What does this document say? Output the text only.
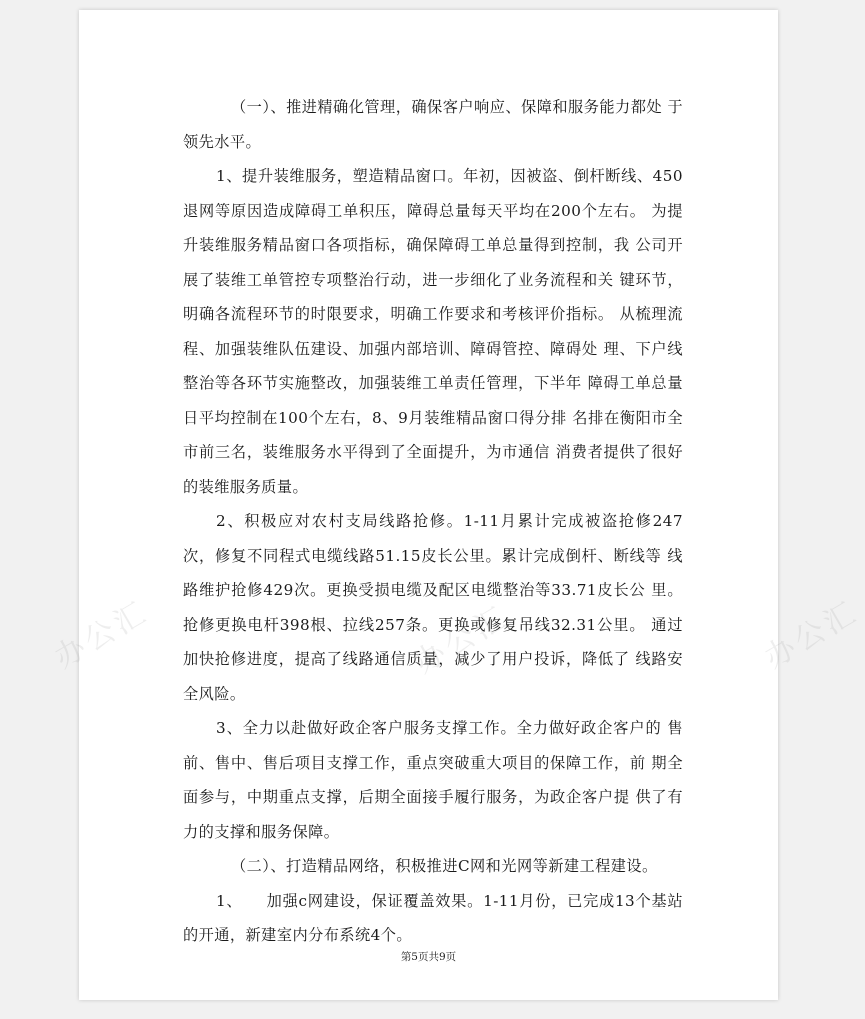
办公汇	办公汇	办公汇

（一）、推进精确化管理，确保客户响应、保障和服务能力都处 于领先水平。

1、提升装维服务，塑造精品窗口。年初，因被盗、倒杆断线、450退网等原因造成障碍工单积压，障碍总量每天平均在200个左右。 为提升装维服务精品窗口各项指标，确保障碍工单总量得到控制，我 公司开展了装维工单管控专项整治行动，进一步细化了业务流程和关 键环节，明确各流程环节的时限要求，明确工作要求和考核评价指标。 从梳理流程、加强装维队伍建设、加强内部培训、障碍管控、障碍处 理、下户线整治等各环节实施整改，加强装维工单责任管理，下半年 障碍工单总量日平均控制在100个左右，8、9月装维精品窗口得分排 名排在衡阳市全市前三名，装维服务水平得到了全面提升，为市通信 消费者提供了很好的装维服务质量。

2、积极应对农村支局线路抢修。1-11月累计完成被盗抢修247 次，修复不同程式电缆线路51.15皮长公里。累计完成倒杆、断线等 线路维护抢修429次。更换受损电缆及配区电缆整治等33.71皮长公 里。抢修更换电杆398根、拉线257条。更换或修复吊线32.31公里。 通过加快抢修进度，提高了线路通信质量，减少了用户投诉，降低了 线路安全风险。

3、全力以赴做好政企客户服务支撑工作。全力做好政企客户的 售前、售中、售后项目支撑工作，重点突破重大项目的保障工作，前 期全面参与，中期重点支撑，后期全面接手履行服务，为政企客户提 供了有力的支撑和服务保障。

（二）、打造精品网络，积极推进C网和光网等新建工程建设。

1、　　加强c网建设，保证覆盖效果。1-11月份，已完成13个基站 的开通，新建室内分布系统4个。

第5页共9页
